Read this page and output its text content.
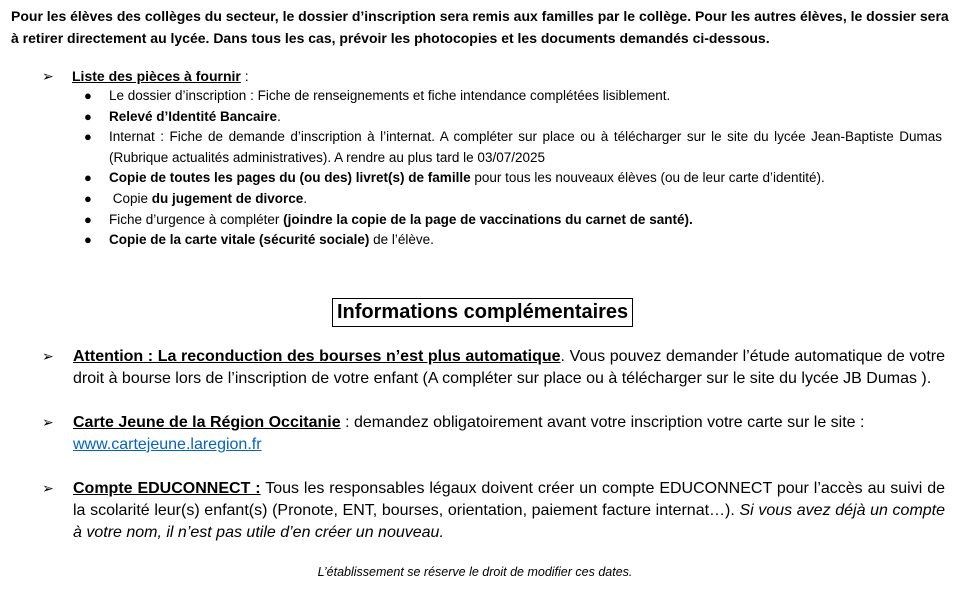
Pour les élèves des collèges du secteur, le dossier d’inscription sera remis aux familles par le collège. Pour les autres élèves, le dossier sera à retirer directement au lycée. Dans tous les cas, prévoir les photocopies et les documents demandés ci-dessous.
➢ Liste des pièces à fournir :
● Le dossier d’inscription : Fiche de renseignements et fiche intendance complétées lisiblement.
● Relevé d’Identité Bancaire.
● Internat : Fiche de demande d’inscription à l’internat. A compléter sur place ou à télécharger sur le site du lycée Jean-Baptiste Dumas (Rubrique actualités administratives). A rendre au plus tard le 03/07/2025
● Copie de toutes les pages du (ou des) livret(s) de famille pour tous les nouveaux élèves (ou de leur carte d’identité).
● Copie du jugement de divorce.
● Fiche d’urgence à compléter (joindre la copie de la page de vaccinations du carnet de santé).
● Copie de la carte vitale (sécurité sociale) de l’élève.
Informations complémentaires
➢	Attention : La reconduction des bourses n’est plus automatique. Vous pouvez demander l’étude automatique de votre droit à bourse lors de l’inscription de votre enfant (A compléter sur place ou à télécharger sur le site du lycée JB Dumas ).
➢	Carte Jeune de la Région Occitanie : demandez obligatoirement avant votre inscription votre carte sur le site :
www.cartejeune.laregion.fr
➢	Compte EDUCONNECT : Tous les responsables légaux doivent créer un compte EDUCONNECT pour l’accès au suivi de la scolarité leur(s) enfant(s) (Pronote, ENT, bourses, orientation, paiement facture internat…). Si vous avez déjà un compte à votre nom, il n’est pas utile d’en créer un nouveau.
L’établissement se réserve le droit de modifier ces dates.
